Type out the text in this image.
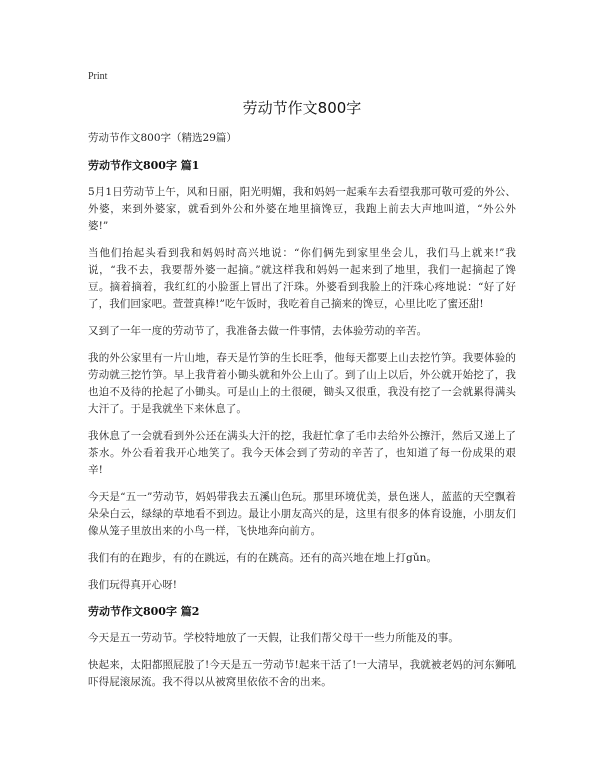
Print
劳动节作文800字

劳动节作文800字（精选29篇）

劳动节作文800字 篇1

5月1日劳动节上午，风和日丽，阳光明媚，我和妈妈一起乘车去看望我那可敬可爱的外公、外婆，来到外婆家，就看到外公和外婆在地里摘馋豆，我跑上前去大声地叫道，“外公外婆!”

当他们抬起头看到我和妈妈时高兴地说：“你们俩先到家里坐会儿，我们马上就来!”我说，“我不去，我要帮外婆一起摘。”就这样我和妈妈一起来到了地里，我们一起摘起了馋豆。摘着摘着，我红红的小脸蛋上冒出了汗珠。外婆看到我脸上的汗珠心疼地说：“好了好了，我们回家吧。萱萱真棒!”吃午饭时，我吃着自己摘来的馋豆，心里比吃了蜜还甜!

又到了一年一度的劳动节了，我准备去做一件事情，去体验劳动的辛苦。

我的外公家里有一片山地，春天是竹笋的生长旺季，他每天都要上山去挖竹笋。我要体验的劳动就三挖竹笋。早上我背着小锄头就和外公上山了。到了山上以后，外公就开始挖了，我也迫不及待的抡起了小锄头。可是山上的土很硬，锄头又很重，我没有挖了一会就累得满头大汗了。于是我就坐下来休息了。

我休息了一会就看到外公还在满头大汗的挖，我赶忙拿了毛巾去给外公擦汗，然后又递上了茶水。外公看着我开心地笑了。我今天体会到了劳动的辛苦了，也知道了每一份成果的艰辛!

今天是“五一”劳动节，妈妈带我去五溪山色玩。那里环境优美，景色迷人，蓝蓝的天空飘着朵朵白云，绿绿的草地看不到边。最让小朋友高兴的是，这里有很多的体育设施，小朋友们像从笼子里放出来的小鸟一样，飞快地奔向前方。

我们有的在跑步，有的在跳远，有的在跳高。还有的高兴地在地上打gǔn。

我们玩得真开心呀!

劳动节作文800字 篇2

今天是五一劳动节。学校特地放了一天假，让我们帮父母干一些力所能及的事。

快起来，太阳都照屁股了!今天是五一劳动节!起来干活了!一大清早，我就被老妈的河东狮吼吓得屁滚尿流。我不得以从被窝里依依不舍的出来。
